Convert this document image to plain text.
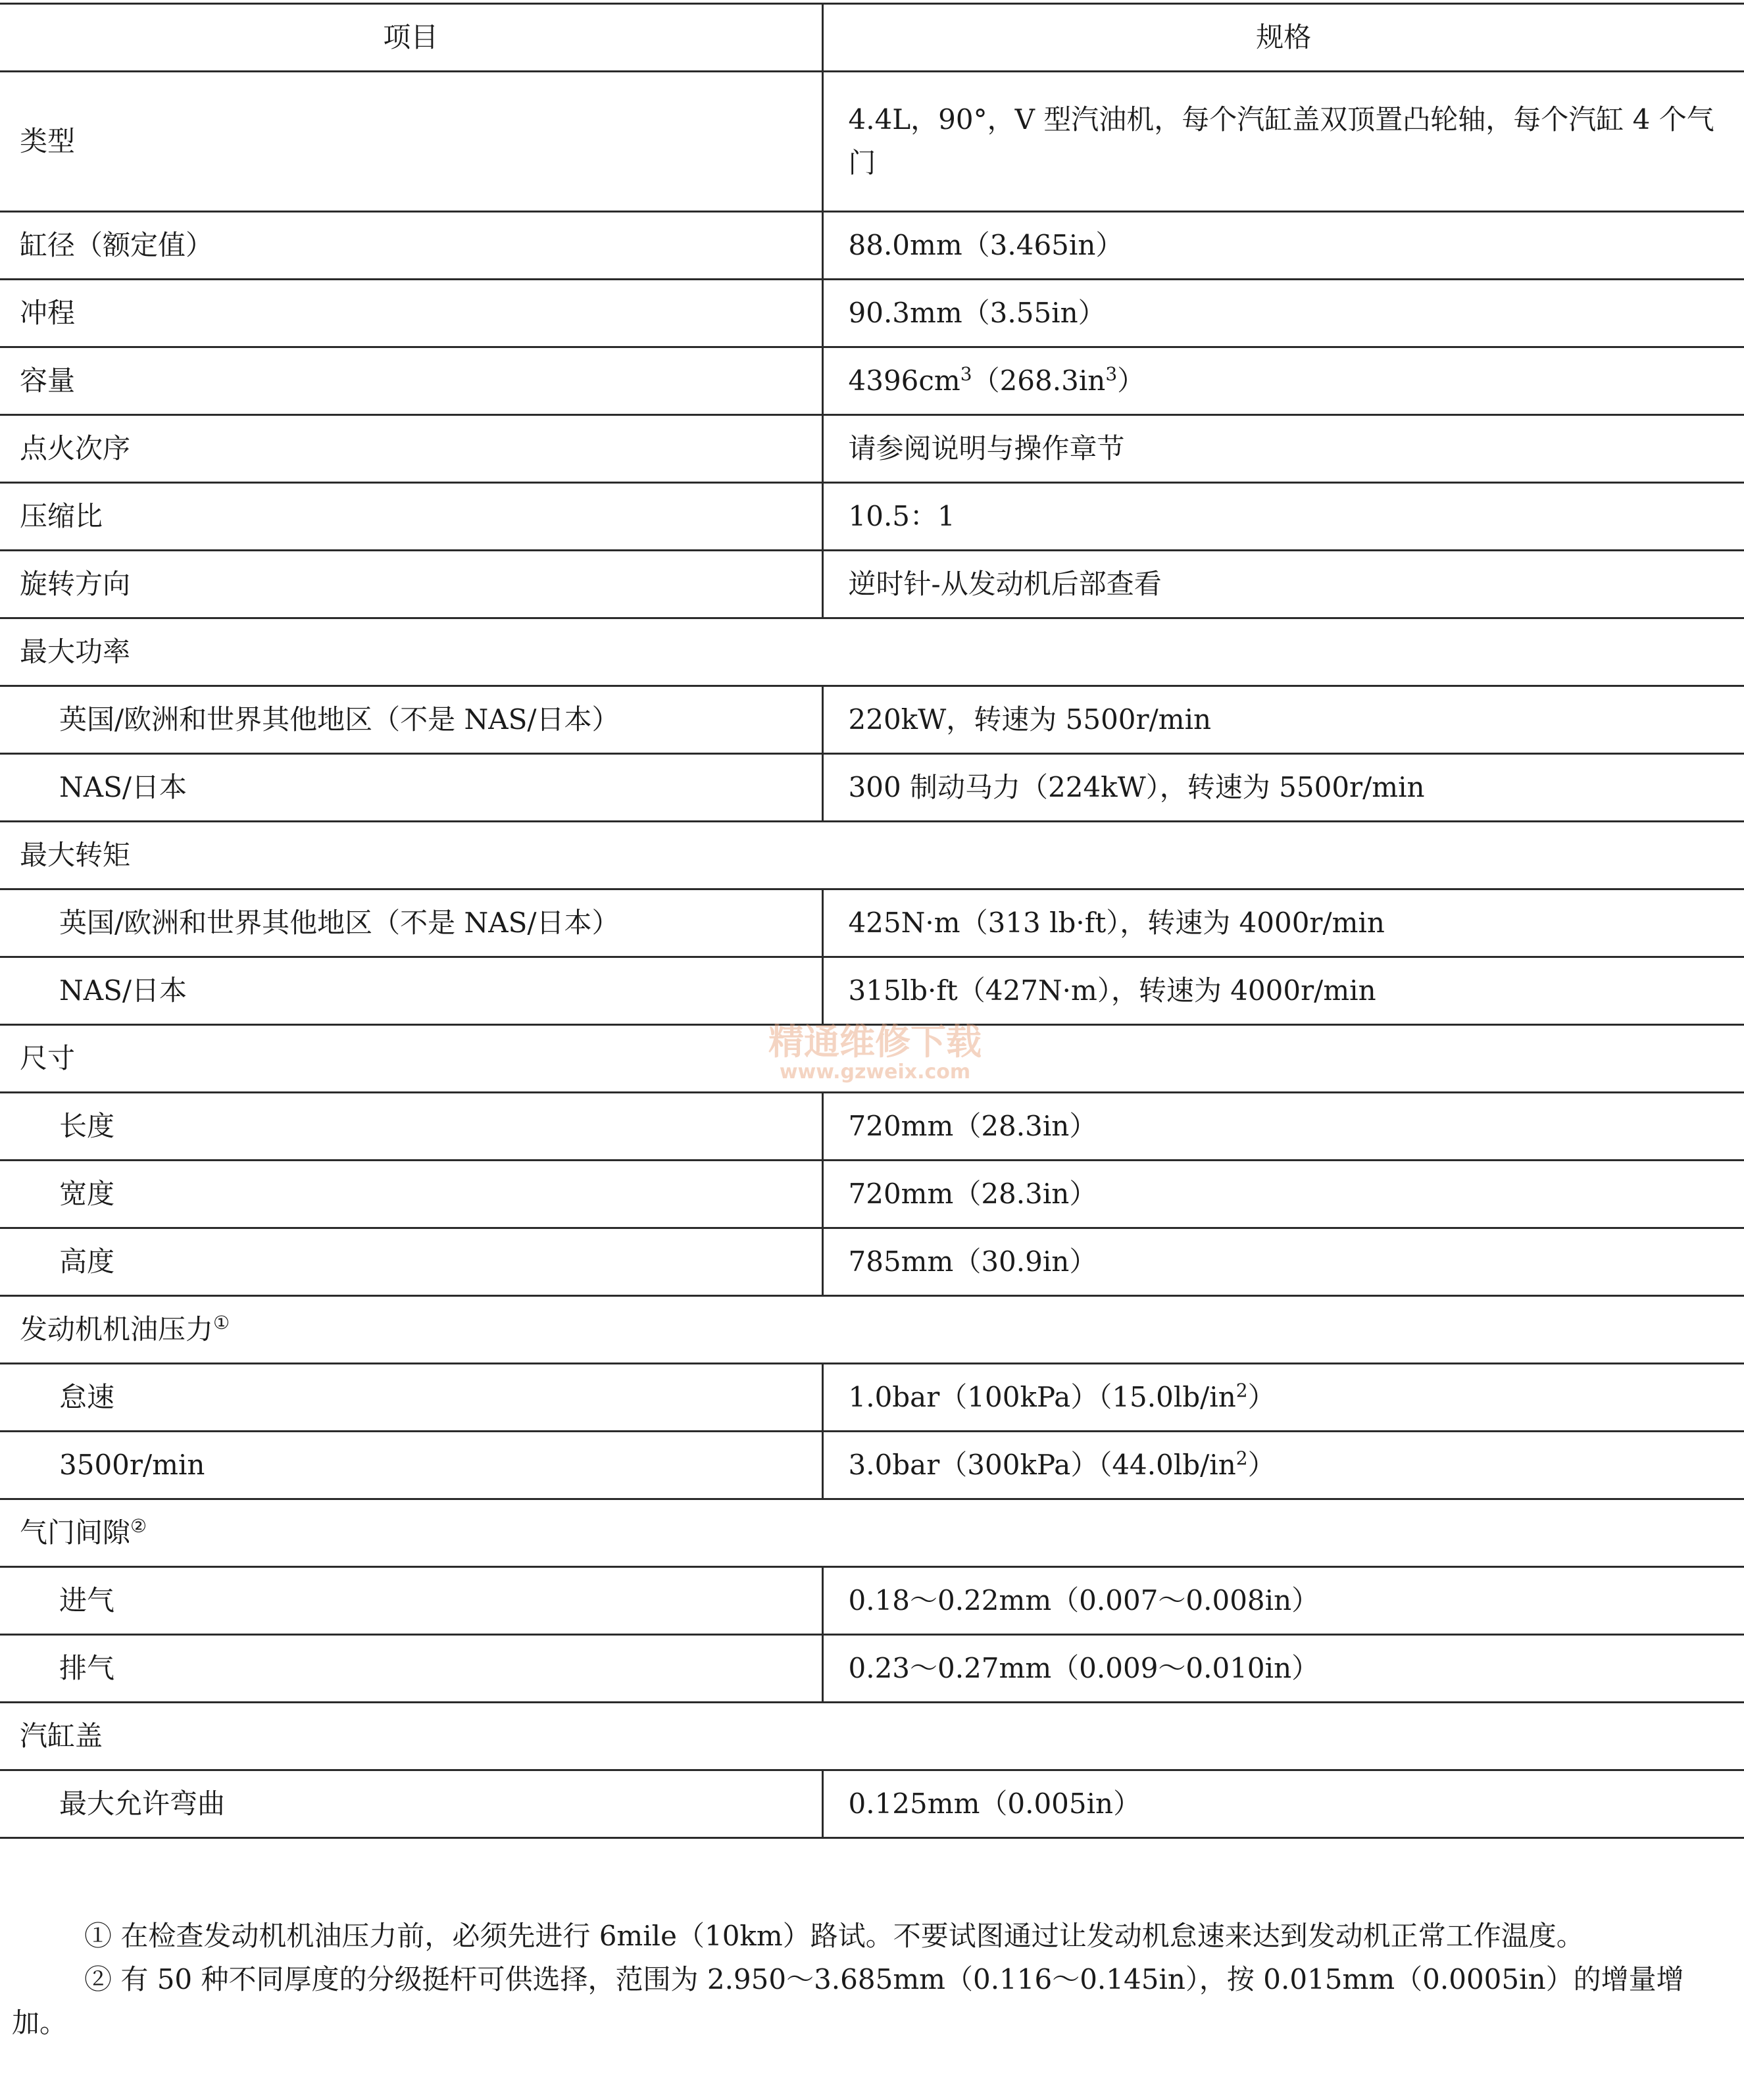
项目	规格
类型	4.4L，90°，V 型汽油机，每个汽缸盖双顶置凸轮轴，每个汽缸 4 个气门
缸径（额定值）	88.0mm（3.465in）
冲程	90.3mm（3.55in）
容量	$4396cm^3(268.3in^3)$
点火次序	请参阅说明与操作章节
压缩比	10.5：1
旋转方向	逆时针-从发动机后部查看
最大功率	
英国/欧洲和世界其他地区（不是 NAS/日本）	220kW，转速为 5500r/min
NAS/日本	300 制动马力（224kW），转速为 5500r/min
最大转矩	
英国/欧洲和世界其他地区（不是 NAS/日本）	425N·m（313 lb·ft），转速为 4000r/min
NAS/日本	315lb·ft（427N·m），转速为 4000r/min
尺寸	
长度	720mm（28.3in）
宽度	720mm（28.3in）
高度	785mm（30.9in）
发动机机油压力①
怠速	$1.0bar(100kPa)(15.0lb/in^2)$
3500r/min	$3.0bar(300kPa)(44.0lb/in^2)$
气门间隙②
进气	0.18～0.22mm（0.007～0.008in）
排气	0.23～0.27mm（0.009～0.010in）
汽缸盖	
最大允许弯曲	0.125mm（0.005in）
精通维修下载
www.gzweix.com

① 在检查发动机机油压力前，必须先进行 6mile（10km）路试。不要试图通过让发动机怠速来达到发动机正常工作温度。

② 有 50 种不同厚度的分级挺杆可供选择，范围为 2.950～3.685mm（0.116～0.145in），按 0.015mm（0.0005in）的增量增加。
